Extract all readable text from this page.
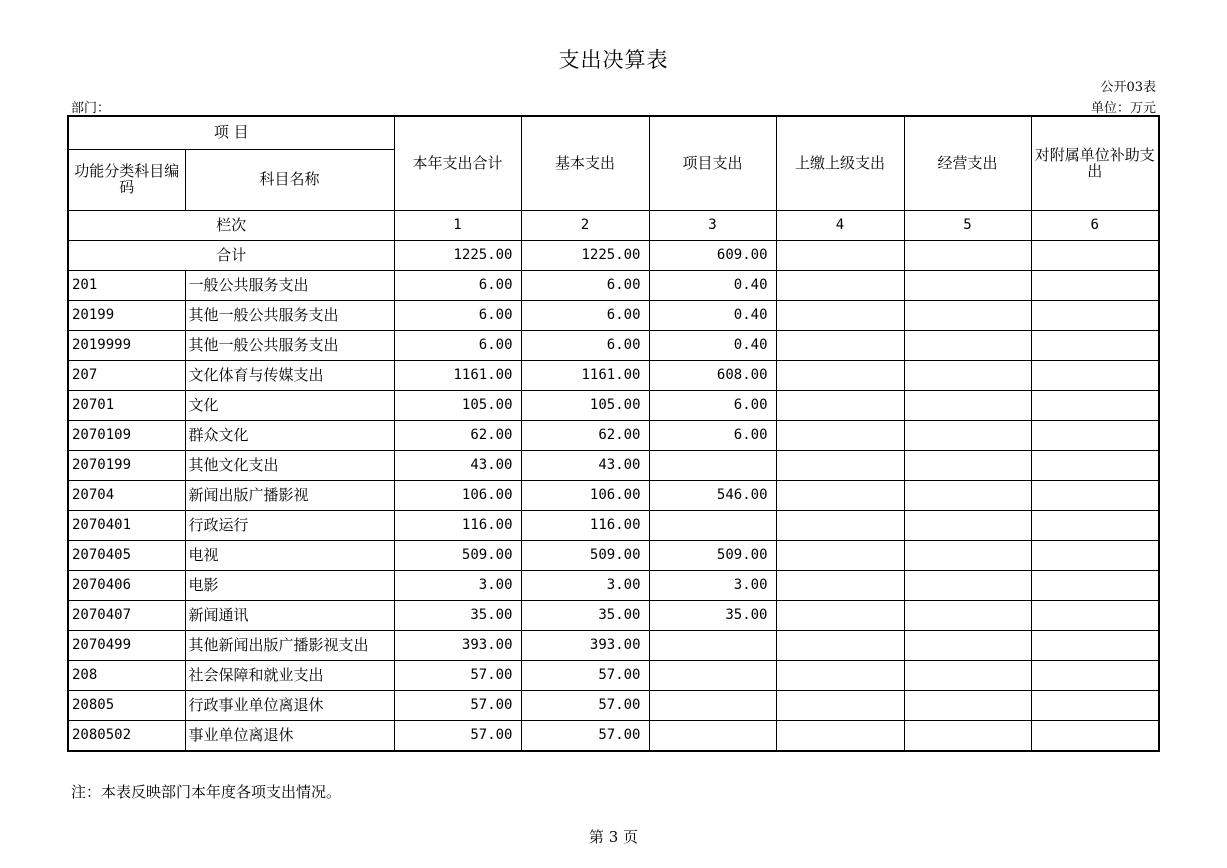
支出决算表
公开03表
部门：	单位：万元
项 目		本年支出合计	基本支出	项目支出	上缴上级支出	经营支出	对附属单位补助支出
功能分类科目编码	科目名称						
栏次		1	2	3	4	5	6
合计		1225.00	1225.00	609.00			
201	一般公共服务支出	6.00	6.00	0.40			
20199	其他一般公共服务支出	6.00	6.00	0.40			
2019999	其他一般公共服务支出	6.00	6.00	0.40			
207	文化体育与传媒支出	1161.00	1161.00	608.00			
20701	文化	105.00	105.00	6.00			
2070109	群众文化	62.00	62.00	6.00			
2070199	其他文化支出	43.00	43.00				
20704	新闻出版广播影视	106.00	106.00	546.00			
2070401	行政运行	116.00	116.00				
2070405	电视	509.00	509.00	509.00			
2070406	电影	3.00	3.00	3.00			
2070407	新闻通讯	35.00	35.00	35.00			
2070499	其他新闻出版广播影视支出	393.00	393.00				
208	社会保障和就业支出	57.00	57.00				
20805	行政事业单位离退休	57.00	57.00				
2080502	事业单位离退休	57.00	57.00				
注：本表反映部门本年度各项支出情况。
第 3 页
